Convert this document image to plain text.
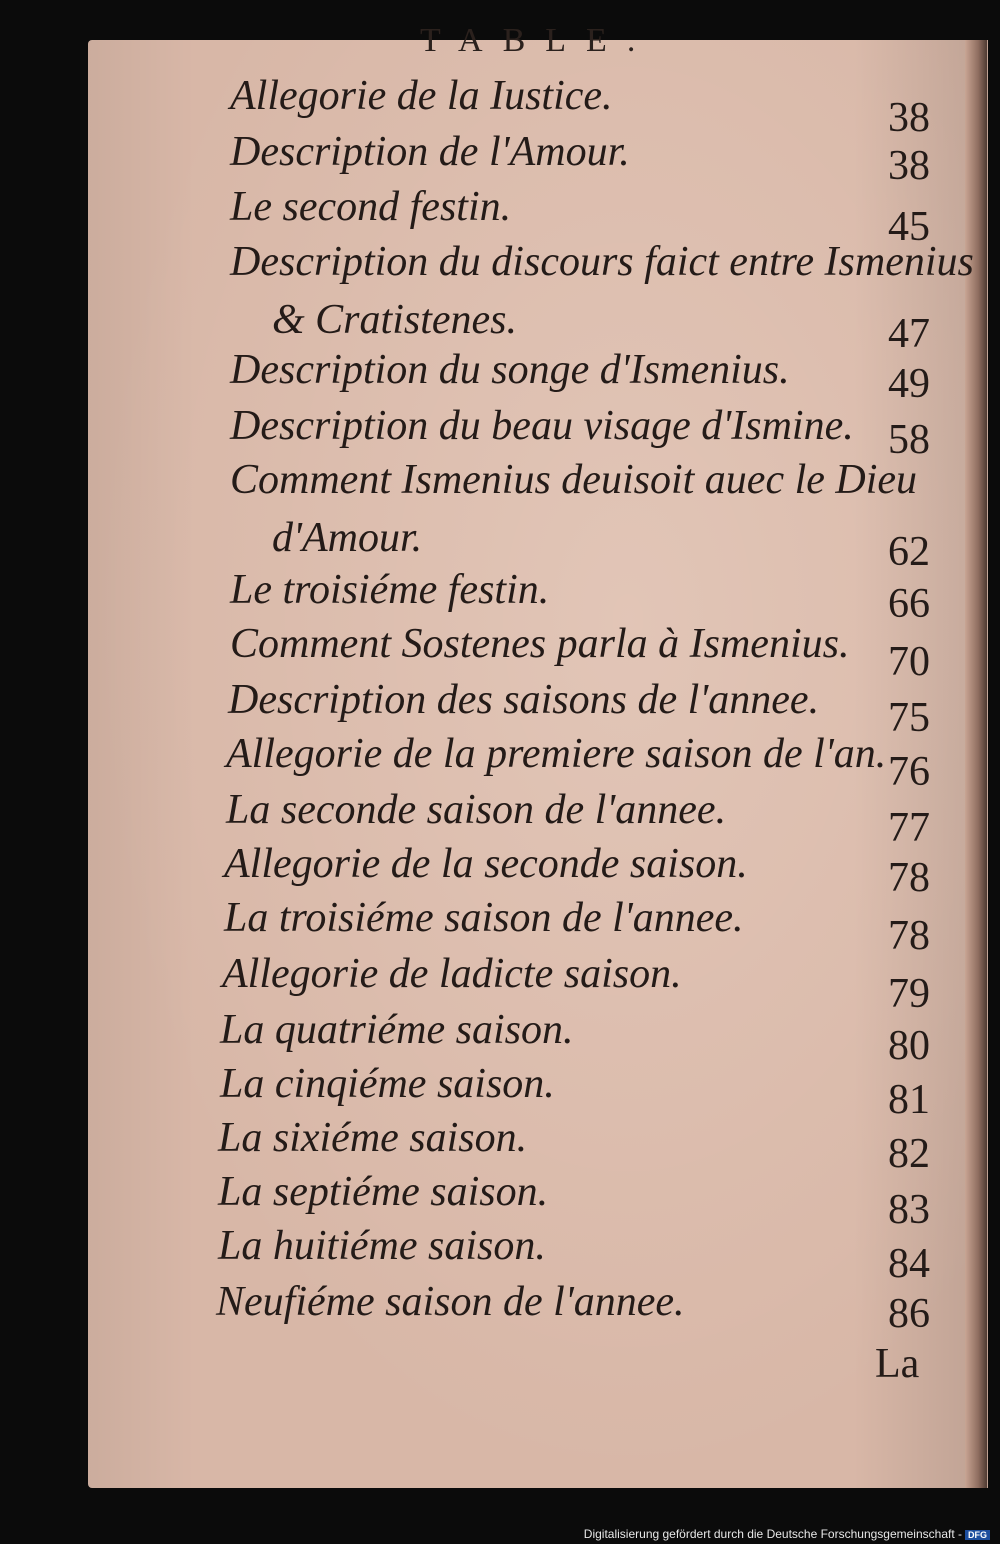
TABLE.
Allegorie de la Iustice.	38
Description de l'Amour.	38
Le second festin.	45
Description du discours faict entre Ismenius
& Cratistenes.	47
Description du songe d'Ismenius.	49
Description du beau visage d'Ismine. 58
Comment Ismenius deuisoit auec le Dieu
d'Amour.	62
Le troisiéme festin.	66
Comment Sostenes parla à Ismenius. 70
Description des saisons de l'annee.	75
Allegorie de la premiere saison de l'an. 76
La seconde saison de l'annee.	77
Allegorie de la seconde saison.	78
La troisiéme saison de l'annee.	78
Allegorie de ladicte saison.	79
La quatriéme saison.	80
La cinqiéme saison.	81
La sixiéme saison.	82
La septiéme saison.	83
La huitiéme saison.	84
Neufiéme saison de l'annee.	86
La
Digitalisierung gefördert durch die Deutsche Forschungsgemeinschaft - DFG
